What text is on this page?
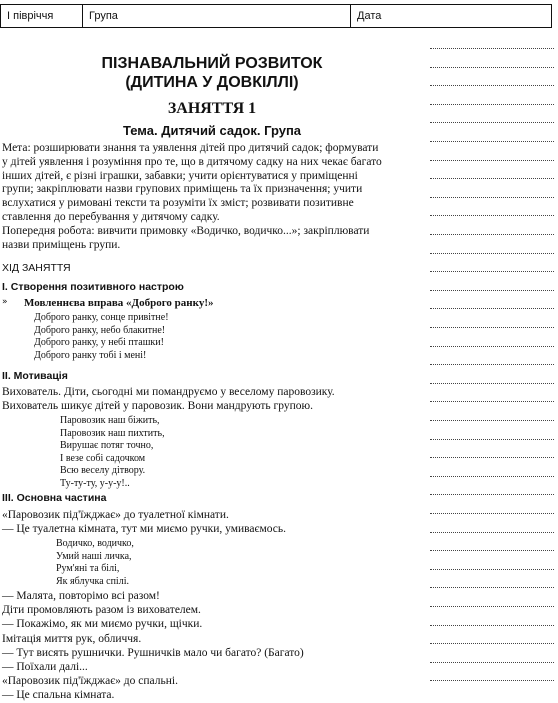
І півріччя	Група	Дата
ПІЗНАВАЛЬНИЙ РОЗВИТОК
(ДИТИНА У ДОВКІЛЛІ)
ЗАНЯТТЯ 1
Тема. Дитячий садок. Група
Мета: розширювати знання та уявлення дітей про дитячий садок; формувати
у дітей уявлення і розуміння про те, що в дитячому садку на них чекає багато
інших дітей, є різні іграшки, забавки; учити орієнтуватися у приміщенні
групи; закріплювати назви групових приміщень та їх призначення; учити
вслухатися у римовані тексти та розуміти їх зміст; розвивати позитивне
ставлення до перебування у дитячому садку.
Попередня робота: вивчити примовку «Водичко, водичко...»; закріплювати
назви приміщень групи.
ХІД ЗАНЯТТЯ
І. Створення позитивного настрою
» Мовленнєва вправа «Доброго ранку!»
Доброго ранку, сонце привітне!
Доброго ранку, небо блакитне!
Доброго ранку, у небі пташки!
Доброго ранку тобі і мені!
ІІ. Мотивація
Вихователь. Діти, сьогодні ми помандруємо у веселому паровозику.
Вихователь шикує дітей у паровозик. Вони мандрують групою.
Паровозик наш біжить,
Паровозик наш пихтить,
Вирушає потяг точно,
І везе собі садочком
Всю веселу дітвору.
Ту-ту-ту, у-у-у!..
ІІІ. Основна частина
«Паровозик під'їжджає» до туалетної кімнати.
— Це туалетна кімната, тут ми миємо ручки, умиваємось.
Водичко, водичко,
Умий наші личка,
Рум'яні та білі,
Як яблучка спілі.
— Малята, повторімо всі разом!
Діти промовляють разом із вихователем.
— Покажімо, як ми миємо ручки, щічки.
Імітація миття рук, обличчя.
— Тут висять рушнички. Рушничків мало чи багато? (Багато)
— Поїхали далі...
«Паровозик під'їжджає» до спальні.
— Це спальна кімната.
